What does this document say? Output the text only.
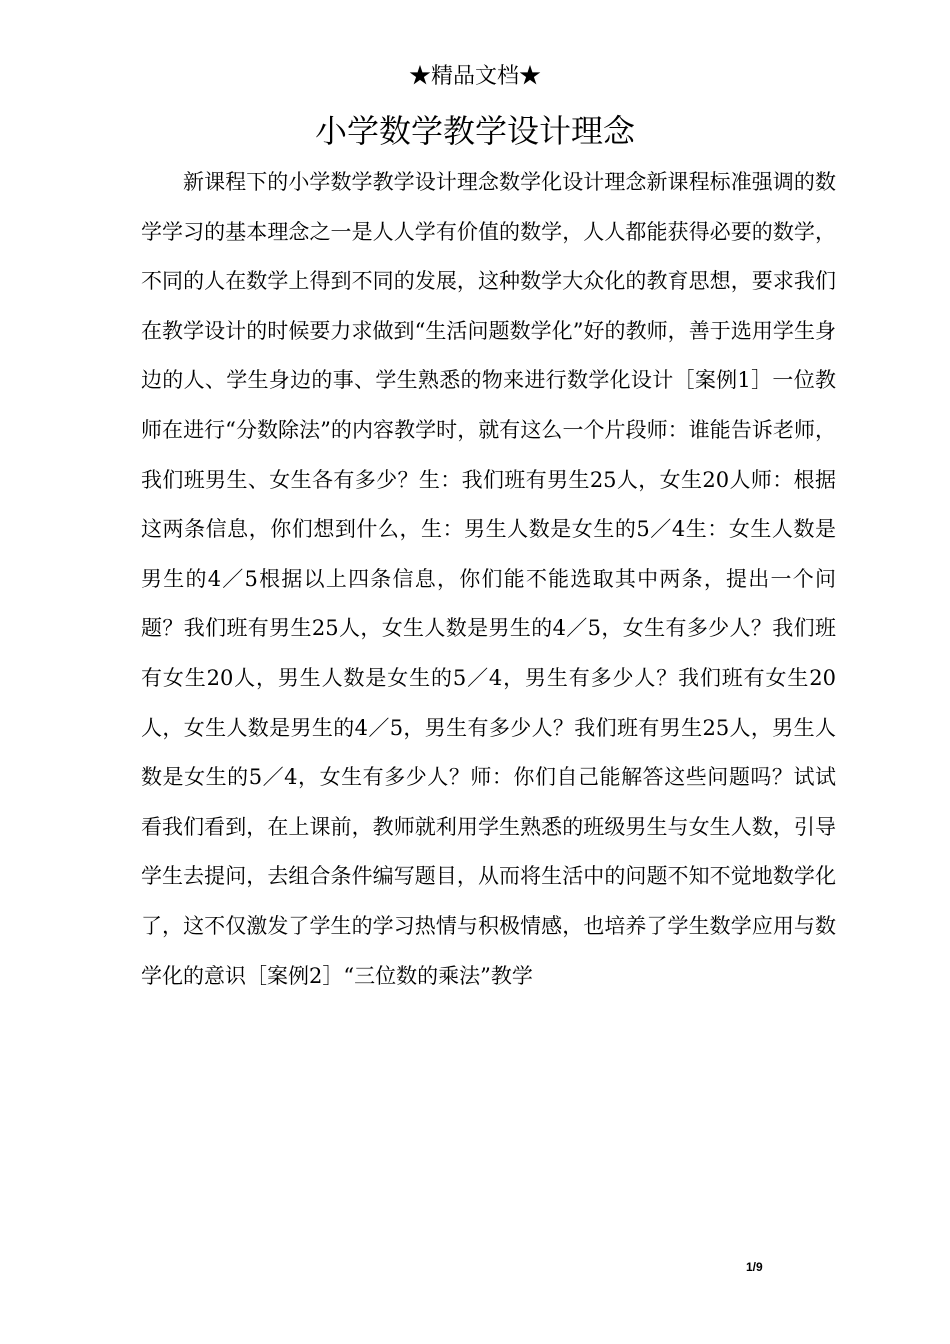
★精品文档★
小学数学教学设计理念

新课程下的小学数学教学设计理念数学化设计理念新课程标准强调的数学学习的基本理念之一是人人学有价值的数学，人人都能获得必要的数学，不同的人在数学上得到不同的发展，这种数学大众化的教育思想，要求我们在教学设计的时候要力求做到“生活问题数学化”好的教师，善于选用学生身边的人、学生身边的事、学生熟悉的物来进行数学化设计［案例1］一位教师在进行“分数除法”的内容教学时，就有这么一个片段师：谁能告诉老师，我们班男生、女生各有多少？生：我们班有男生25人，女生20人师：根据这两条信息，你们想到什么，生：男生人数是女生的5／4生：女生人数是男生的4／5根据以上四条信息，你们能不能选取其中两条，提出一个问题？我们班有男生25人，女生人数是男生的4／5，女生有多少人？我们班有女生20人，男生人数是女生的5／4，男生有多少人？我们班有女生20人，女生人数是男生的4／5，男生有多少人？我们班有男生25人，男生人数是女生的5／4，女生有多少人？师：你们自己能解答这些问题吗？试试看我们看到，在上课前，教师就利用学生熟悉的班级男生与女生人数，引导学生去提问，去组合条件编写题目，从而将生活中的问题不知不觉地数学化了，这不仅激发了学生的学习热情与积极情感，也培养了学生数学应用与数学化的意识［案例2］“三位数的乘法”教学

1/9
